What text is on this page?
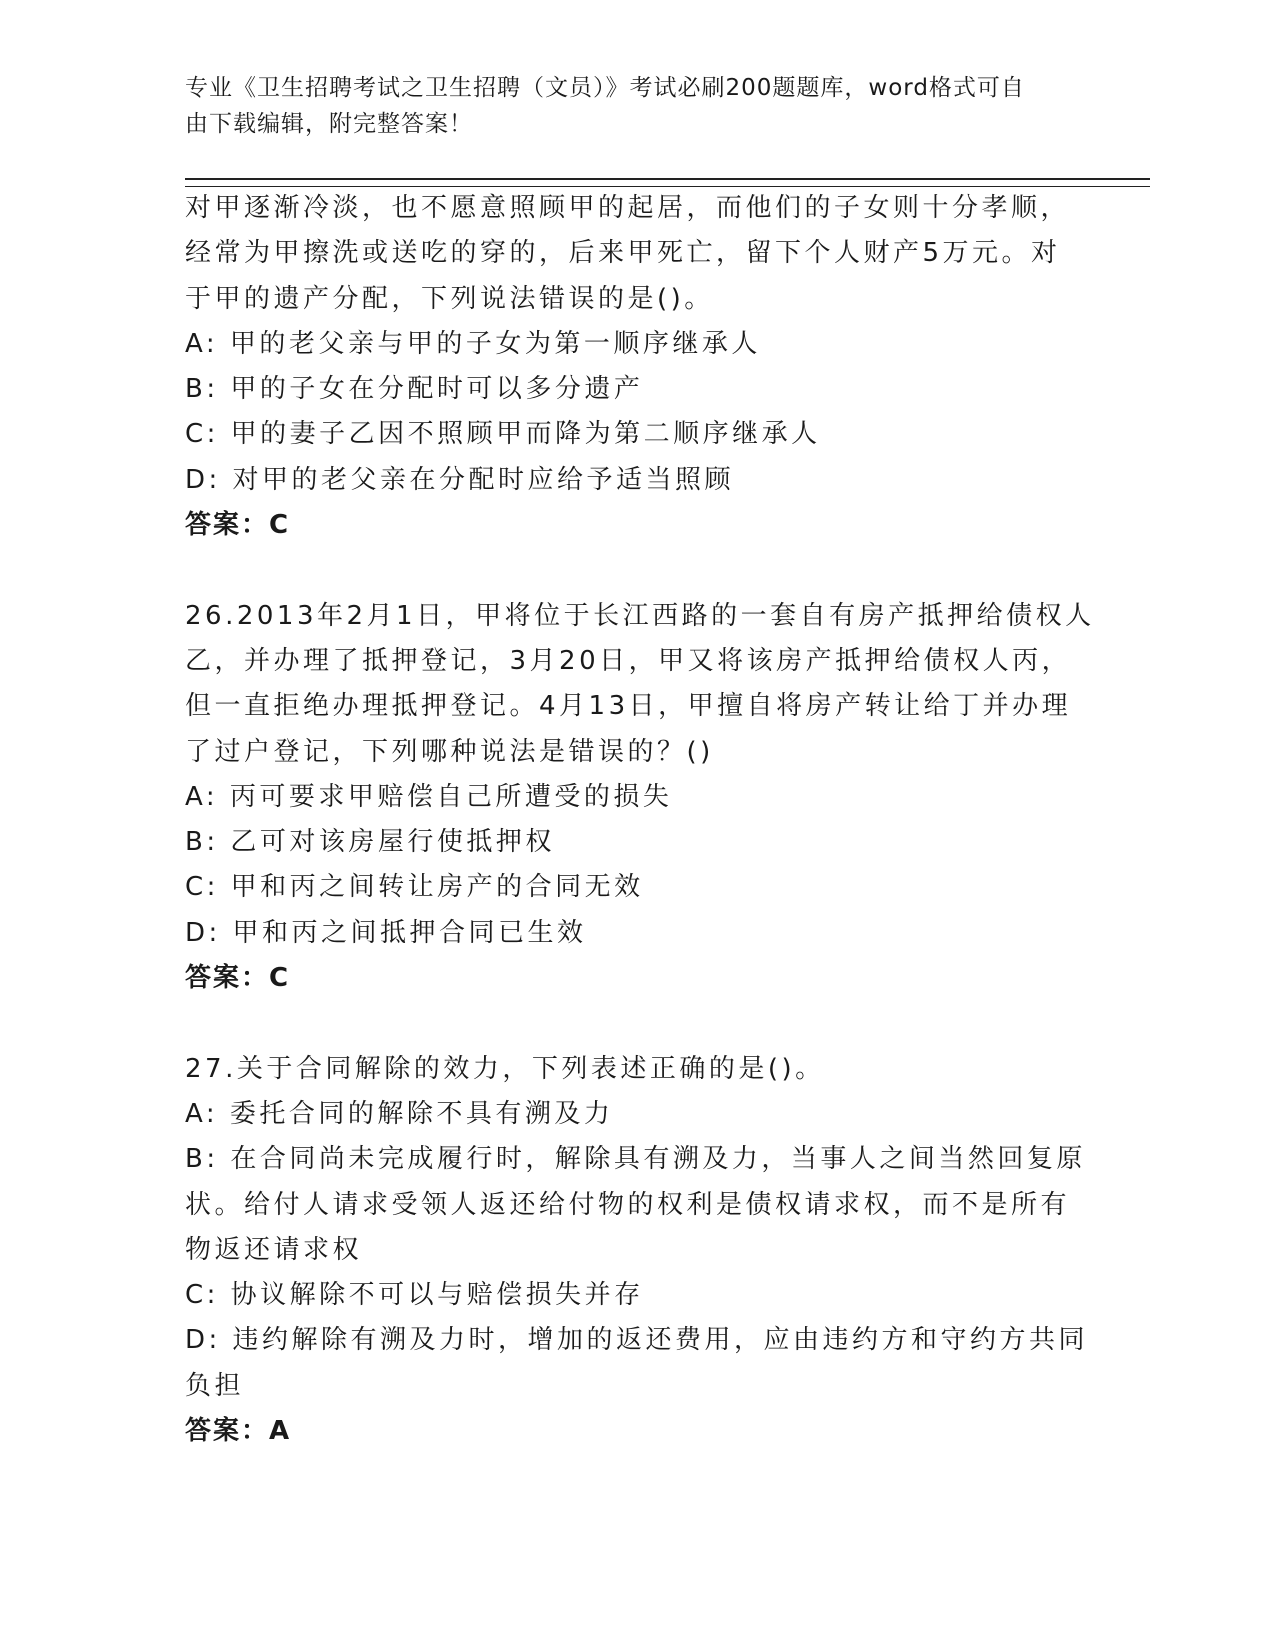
专业《卫生招聘考试之卫生招聘（文员）》考试必刷200题题库，word格式可自
由下载编辑，附完整答案！
对甲逐渐冷淡，也不愿意照顾甲的起居，而他们的子女则十分孝顺，
经常为甲擦洗或送吃的穿的，后来甲死亡，留下个人财产5万元。对
于甲的遗产分配，下列说法错误的是()。
A: 甲的老父亲与甲的子女为第一顺序继承人
B: 甲的子女在分配时可以多分遗产
C: 甲的妻子乙因不照顾甲而降为第二顺序继承人
D: 对甲的老父亲在分配时应给予适当照顾
答案：C
26.2013年2月1日，甲将位于长江西路的一套自有房产抵押给债权人
乙，并办理了抵押登记，3月20日，甲又将该房产抵押给债权人丙，
但一直拒绝办理抵押登记。4月13日，甲擅自将房产转让给丁并办理
了过户登记，下列哪种说法是错误的？()
A: 丙可要求甲赔偿自己所遭受的损失
B: 乙可对该房屋行使抵押权
C: 甲和丙之间转让房产的合同无效
D: 甲和丙之间抵押合同已生效
答案：C
27.关于合同解除的效力，下列表述正确的是()。
A: 委托合同的解除不具有溯及力
B: 在合同尚未完成履行时，解除具有溯及力，当事人之间当然回复原
状。给付人请求受领人返还给付物的权利是债权请求权，而不是所有
物返还请求权
C: 协议解除不可以与赔偿损失并存
D: 违约解除有溯及力时，增加的返还费用，应由违约方和守约方共同
负担
答案：A
